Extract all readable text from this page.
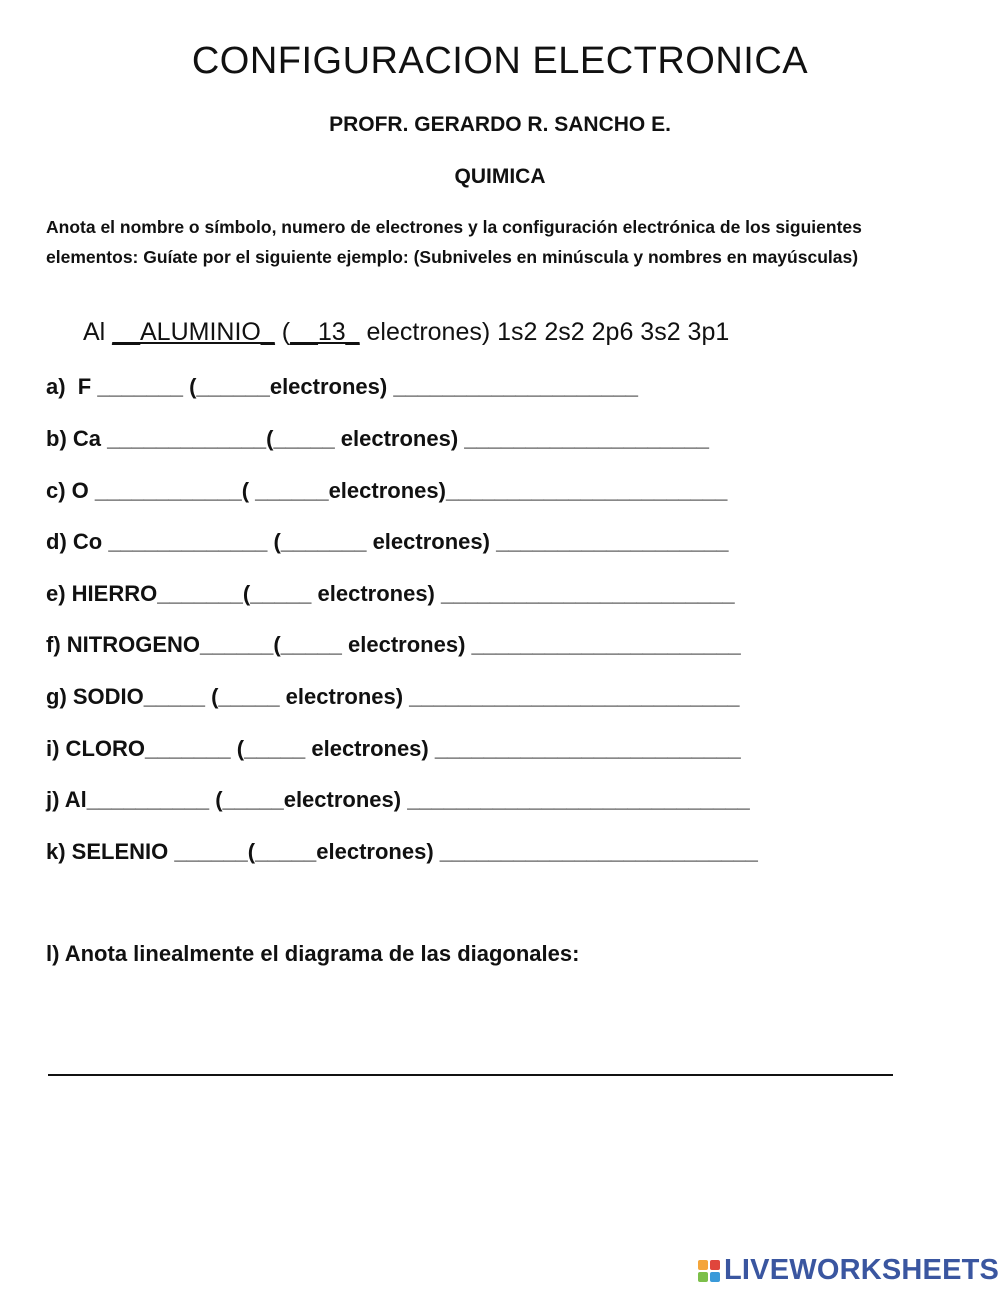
CONFIGURACION ELECTRONICA
PROFR. GERARDO R. SANCHO E.
QUIMICA
Anota el nombre o símbolo, numero de electrones y la configuración electrónica de los siguientes elementos: Guíate por el siguiente ejemplo: (Subniveles en minúscula y nombres en mayúsculas)
Al __ALUMINIO_ (__13_ electrones) 1s2 2s2 2p6 3s2 3p1
a)  F _______ (______electrones) ____________________
b) Ca _____________(_____ electrones) ____________________
c) O ____________( ______electrones)_______________________
d) Co _____________ (_______ electrones) ___________________
e) HIERRO_______(_____ electrones) ________________________
f) NITROGENO______(_____ electrones) ______________________
g) SODIO_____ (_____ electrones) ___________________________
i) CLORO_______ (_____ electrones) _________________________
j) Al__________ (_____electrones) ____________________________
k) SELENIO ______(_____electrones) __________________________
l) Anota linealmente el diagrama de las diagonales:
LIVEWORKSHEETS
